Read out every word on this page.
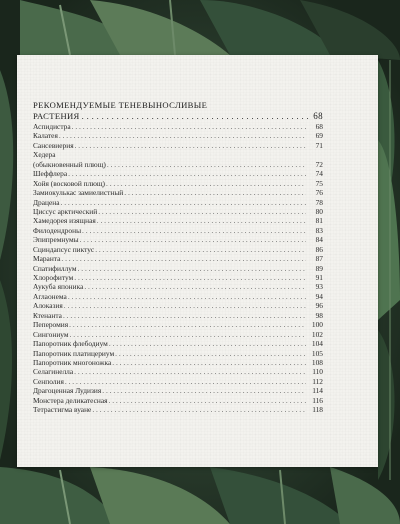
РЕКОМЕНДУЕМЫЕ ТЕНЕВЫНОСЛИВЫЕ
РАСТЕНИЯ . . .	68
Аспидистра . . .	68
Калатея . . .	69
Сансевиерия . . .	71
Хедера
(обыкновенный плющ) . . .	72
Шеффлера . . .	74
Хойя (восковой плющ) . . .	75
Замиокулькас замиелистный . . .	76
Драцена . . .	78
Циссус арктический . . .	80
Хамедорея изящная . . .	81
Филодендроны . . .	83
Эпипремнумы . . .	84
Сциндапсус пиктус . . .	86
Маранта . . .	87
Спатифиллум . . .	89
Хлорофитум . . .	91
Аукуба японика . . .	93
Аглаонема . . .	94
Алоказия . . .	96
Ктенанта . . .	98
Пеперомия . . .	100
Сингониум . . .	102
Папоротник флебодиум . . .	104
Папоротник платицериум . . .	105
Папоротник многоножка . . .	108
Селагинелла . . .	110
Сенполия . . .	112
Драгоценная Лудизия . . .	114
Монстера деликатесная . . .	116
Тетрастигма вуане . . .	118
